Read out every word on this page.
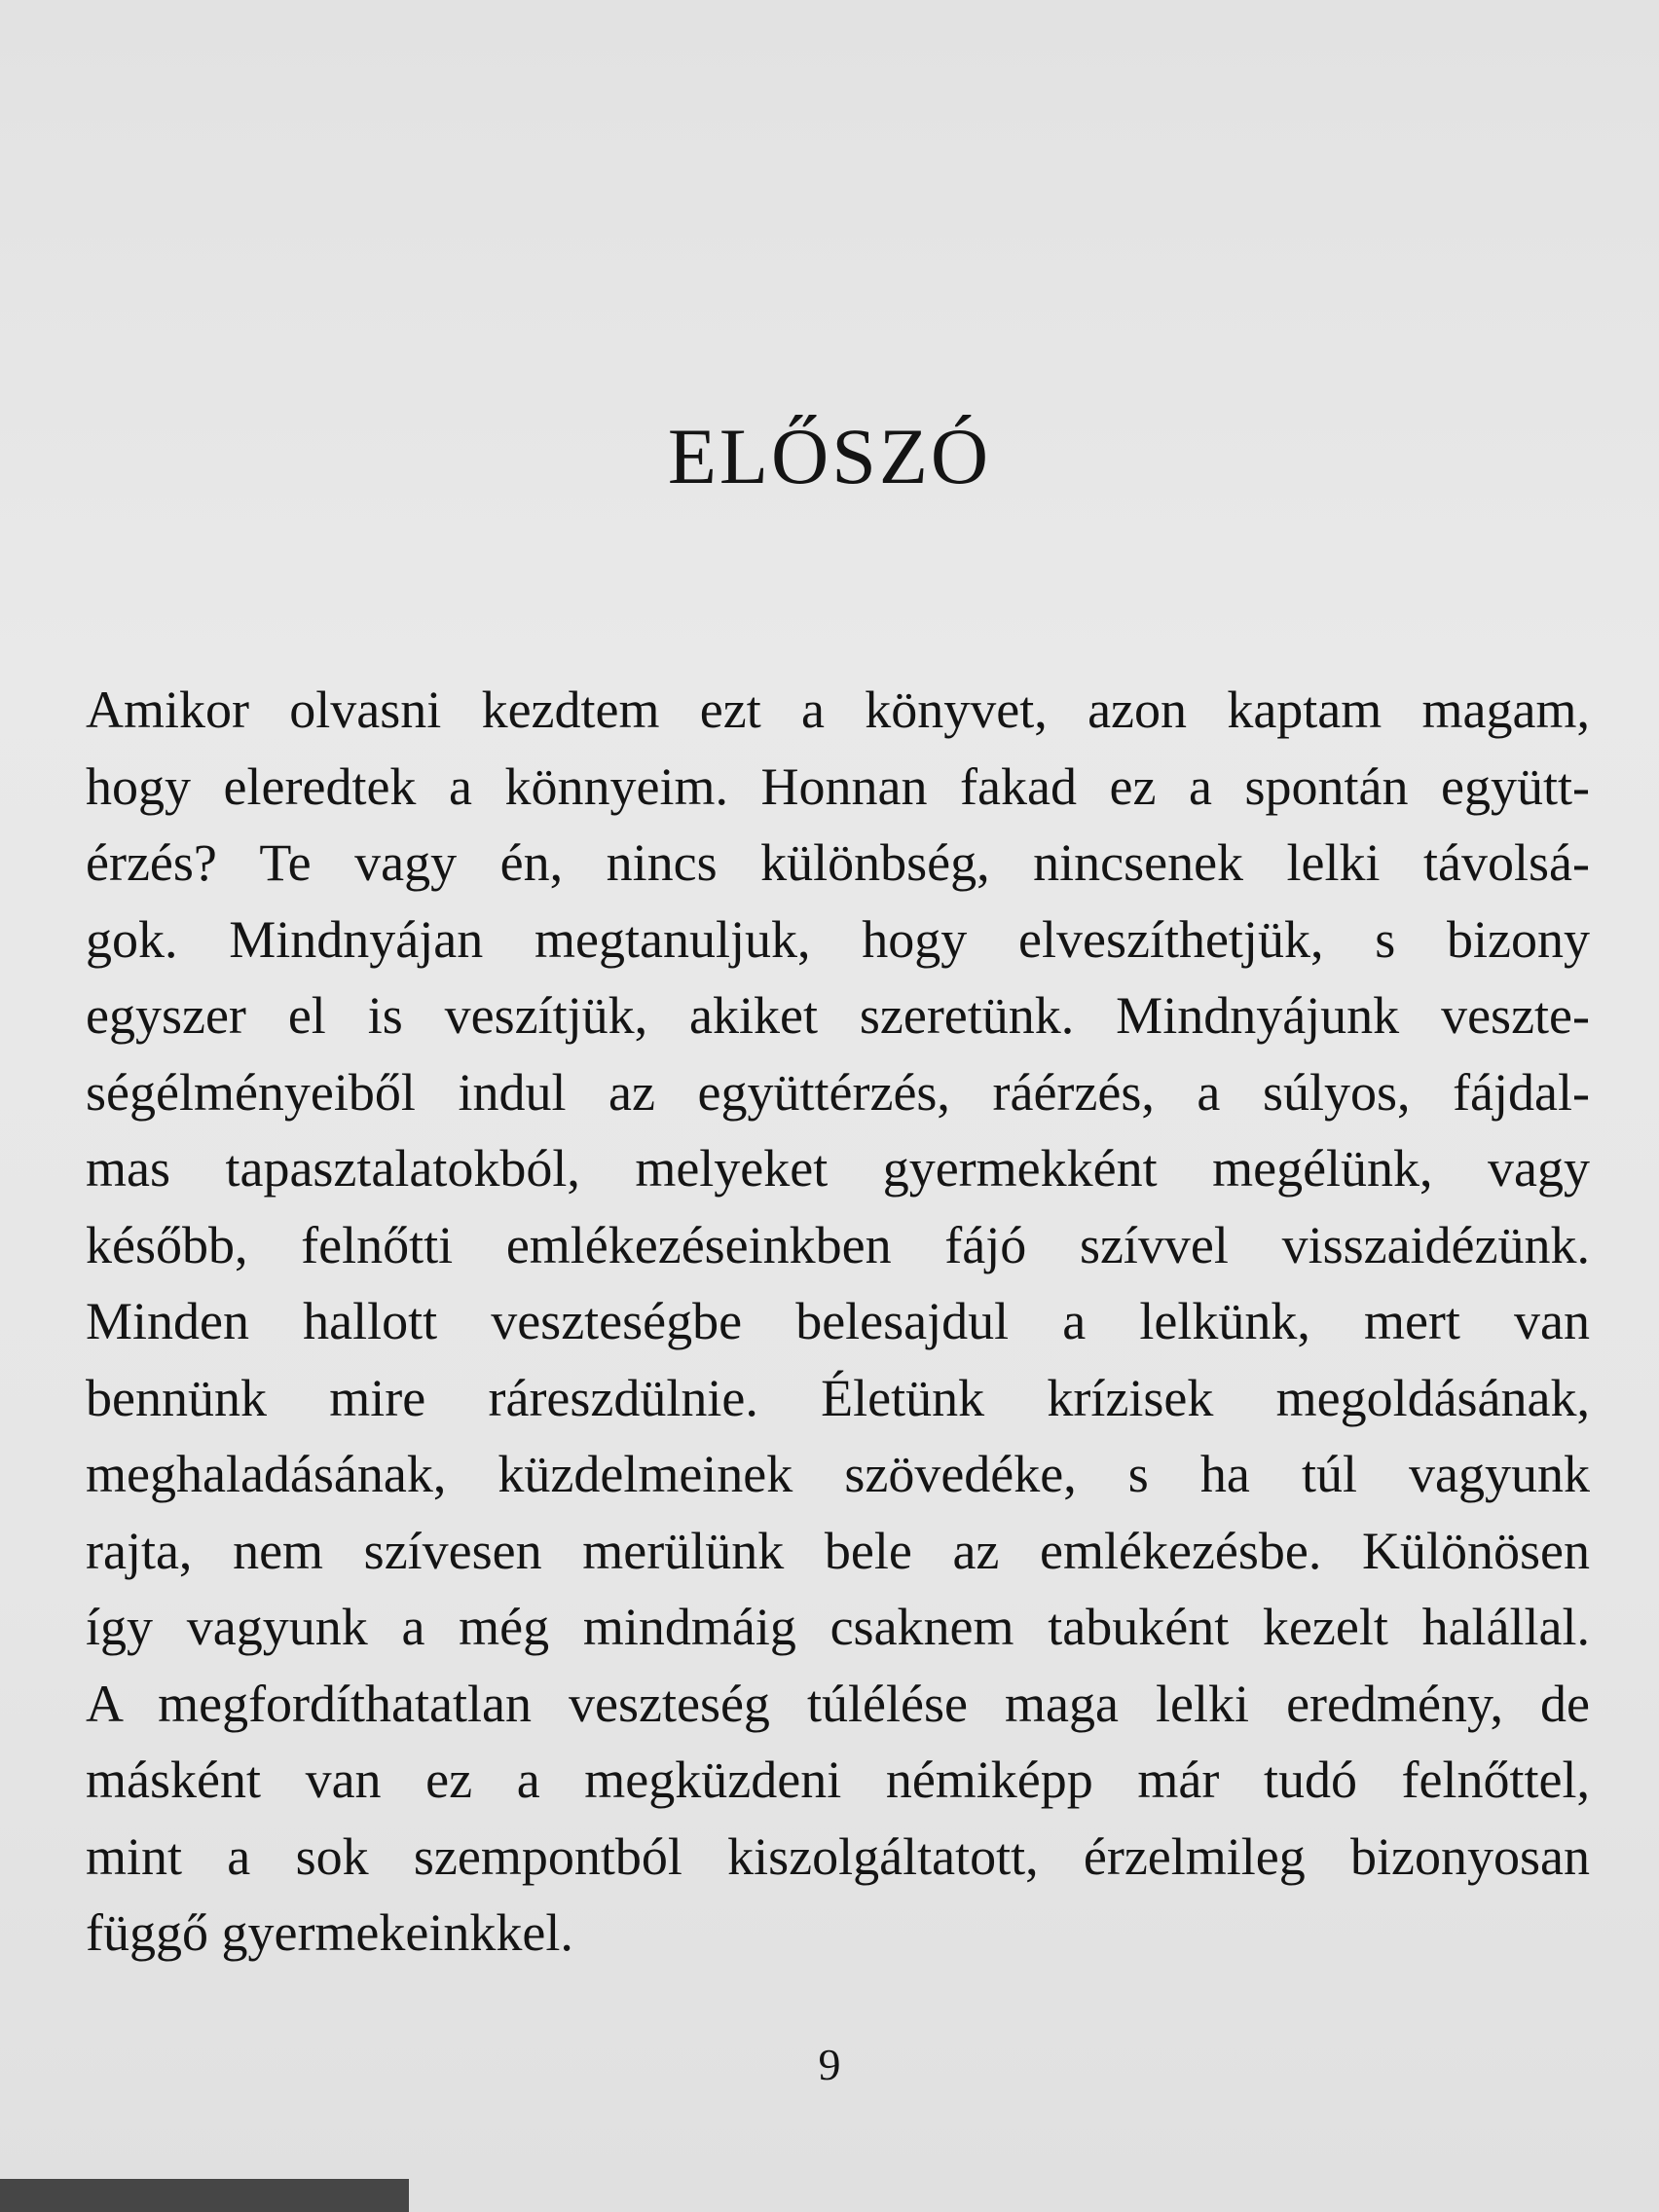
ELŐSZÓ
Amikor olvasni kezdtem ezt a könyvet, azon kaptam magam,
hogy eleredtek a könnyeim. Honnan fakad ez a spontán együtt-
érzés? Te vagy én, nincs különbség, nincsenek lelki távolsá-
gok. Mindnyájan megtanuljuk, hogy elveszíthetjük, s bizony
egyszer el is veszítjük, akiket szeretünk. Mindnyájunk veszte-
ségélményeiből indul az együttérzés, ráérzés, a súlyos, fájdal-
mas tapasztalatokból, melyeket gyermekként megélünk, vagy
később, felnőtti emlékezéseinkben fájó szívvel visszaidézünk.
Minden hallott veszteségbe belesajdul a lelkünk, mert van
bennünk mire ráreszdülnie. Életünk krízisek megoldásának,
meghaladásának, küzdelmeinek szövedéke, s ha túl vagyunk
rajta, nem szívesen merülünk bele az emlékezésbe. Különösen
így vagyunk a még mindmáig csaknem tabuként kezelt halállal.
A megfordíthatatlan veszteség túlélése maga lelki eredmény, de
másként van ez a megküzdeni némiképp már tudó felnőttel,
mint a sok szempontból kiszolgáltatott, érzelmileg bizonyosan
függő gyermekeinkkel.
9
